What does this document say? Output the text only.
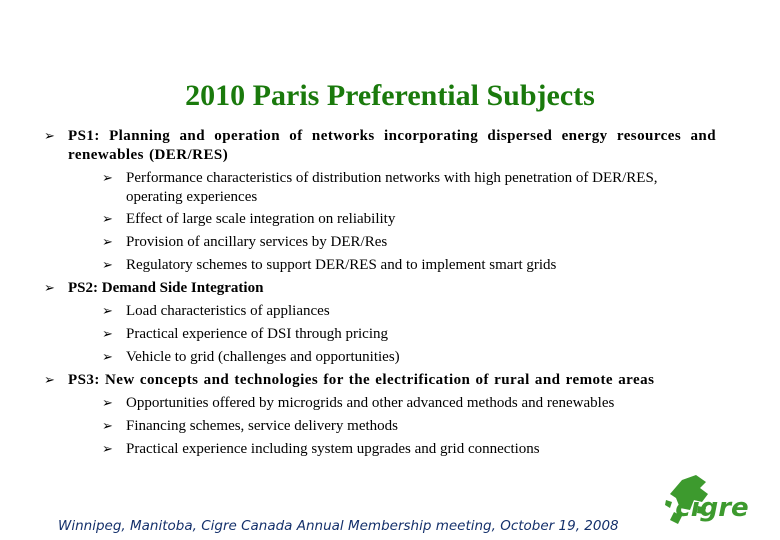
2010 Paris Preferential Subjects
➢ PS1: Planning and operation of networks incorporating dispersed energy resources and renewables (DER/RES)
➢ Performance characteristics of distribution networks with high penetration of DER/RES, operating experiences
➢ Effect of large scale integration on reliability
➢ Provision of ancillary services by DER/Res
➢ Regulatory schemes to support DER/RES and to implement smart grids
➢ PS2: Demand Side Integration
➢ Load characteristics of appliances
➢ Practical experience of DSI through pricing
➢ Vehicle to grid (challenges and opportunities)
➢ PS3: New concepts and technologies for the electrification of rural and remote areas
➢ Opportunities offered by microgrids and other advanced methods and renewables
➢ Financing schemes, service delivery methods
➢ Practical experience including system upgrades and grid connections
Winnipeg, Manitoba, Cigre Canada Annual Membership meeting, October 19, 2008
cigre
